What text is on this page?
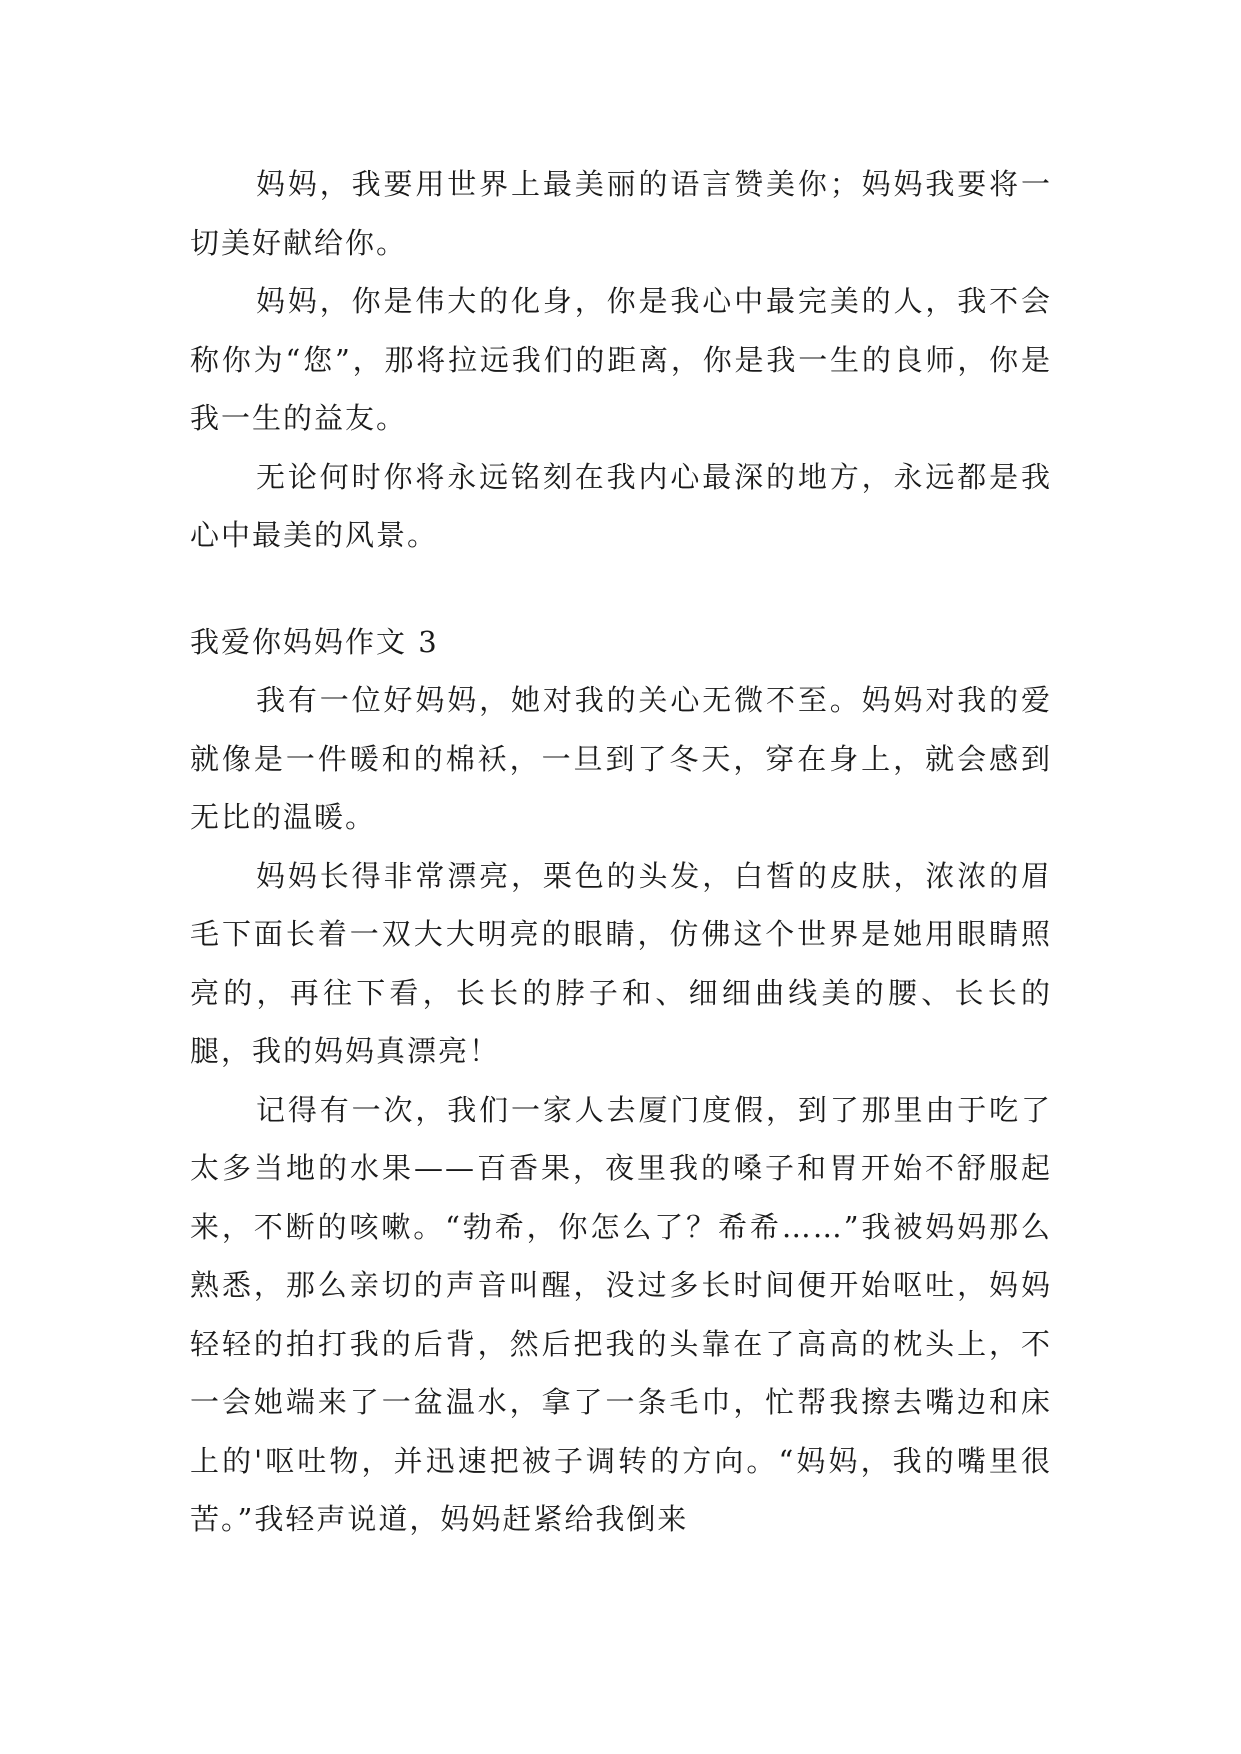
妈妈，我要用世界上最美丽的语言赞美你；妈妈我要将一切美好献给你。

妈妈，你是伟大的化身，你是我心中最完美的人，我不会称你为“您”，那将拉远我们的距离，你是我一生的良师，你是我一生的益友。

无论何时你将永远铭刻在我内心最深的地方，永远都是我心中最美的风景。

我爱你妈妈作文 3

我有一位好妈妈，她对我的关心无微不至。妈妈对我的爱就像是一件暖和的棉袄，一旦到了冬天，穿在身上，就会感到无比的温暖。

妈妈长得非常漂亮，栗色的头发，白皙的皮肤，浓浓的眉毛下面长着一双大大明亮的眼睛，仿佛这个世界是她用眼睛照亮的，再往下看，长长的脖子和、细细曲线美的腰、长长的腿，我的妈妈真漂亮！

记得有一次，我们一家人去厦门度假，到了那里由于吃了太多当地的水果——百香果，夜里我的嗓子和胃开始不舒服起来，不断的咳嗽。“勃希，你怎么了？希希……”我被妈妈那么熟悉，那么亲切的声音叫醒，没过多长时间便开始呕吐，妈妈轻轻的拍打我的后背，然后把我的头靠在了高高的枕头上，不一会她端来了一盆温水，拿了一条毛巾，忙帮我擦去嘴边和床上的'呕吐物，并迅速把被子调转的方向。“妈妈，我的嘴里很苦。”我轻声说道，妈妈赶紧给我倒来
